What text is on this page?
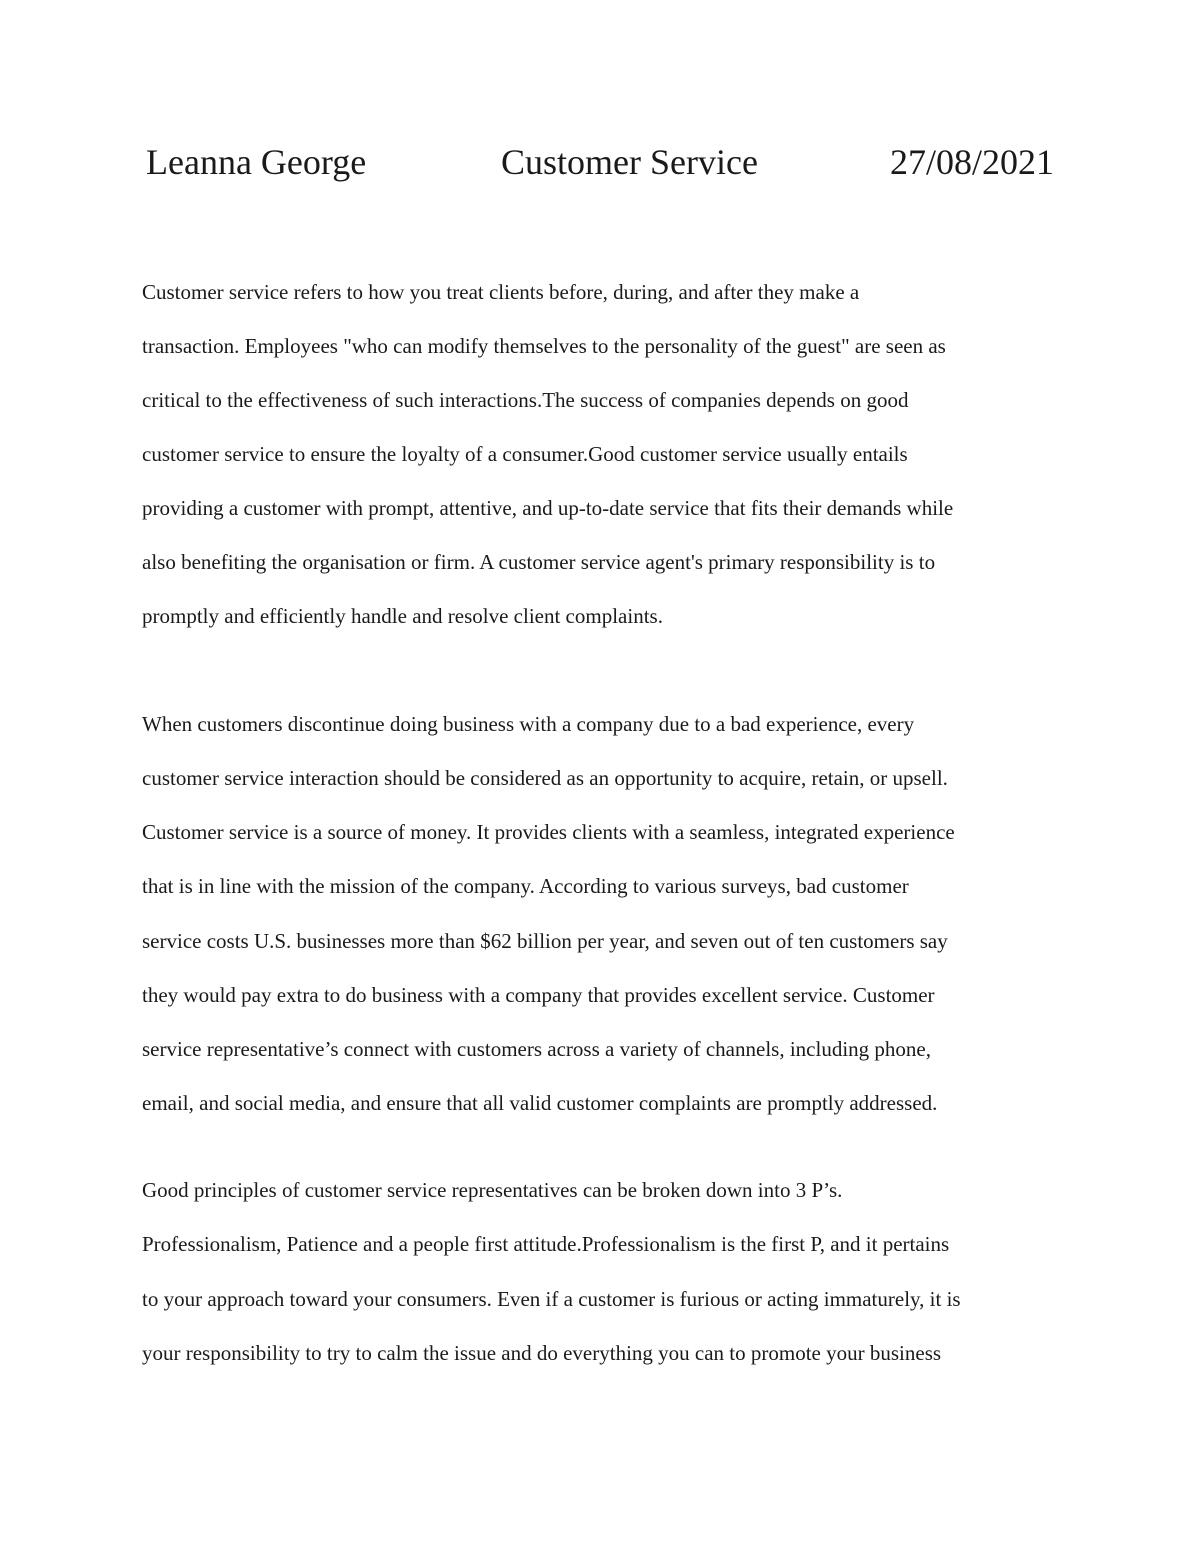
Leanna George	Customer Service	27/08/2021
Customer service refers to how you treat clients before, during, and after they make a
transaction. Employees "who can modify themselves to the personality of the guest" are seen as
critical to the effectiveness of such interactions.The success of companies depends on good
customer service to ensure the loyalty of a consumer.Good customer service usually entails
providing a customer with prompt, attentive, and up-to-date service that fits their demands while
also benefiting the organisation or firm. A customer service agent's primary responsibility is to
promptly and efficiently handle and resolve client complaints.
When customers discontinue doing business with a company due to a bad experience, every
customer service interaction should be considered as an opportunity to acquire, retain, or upsell.
Customer service is a source of money. It provides clients with a seamless, integrated experience
that is in line with the mission of the company. According to various surveys, bad customer
service costs U.S. businesses more than $62 billion per year, and seven out of ten customers say
they would pay extra to do business with a company that provides excellent service. Customer
service representative’s connect with customers across a variety of channels, including phone,
email, and social media, and ensure that all valid customer complaints are promptly addressed.
Good principles of customer service representatives can be broken down into 3 P’s.
Professionalism, Patience and a people first attitude.Professionalism is the first P, and it pertains
to your approach toward your consumers. Even if a customer is furious or acting immaturely, it is
your responsibility to try to calm the issue and do everything you can to promote your business
